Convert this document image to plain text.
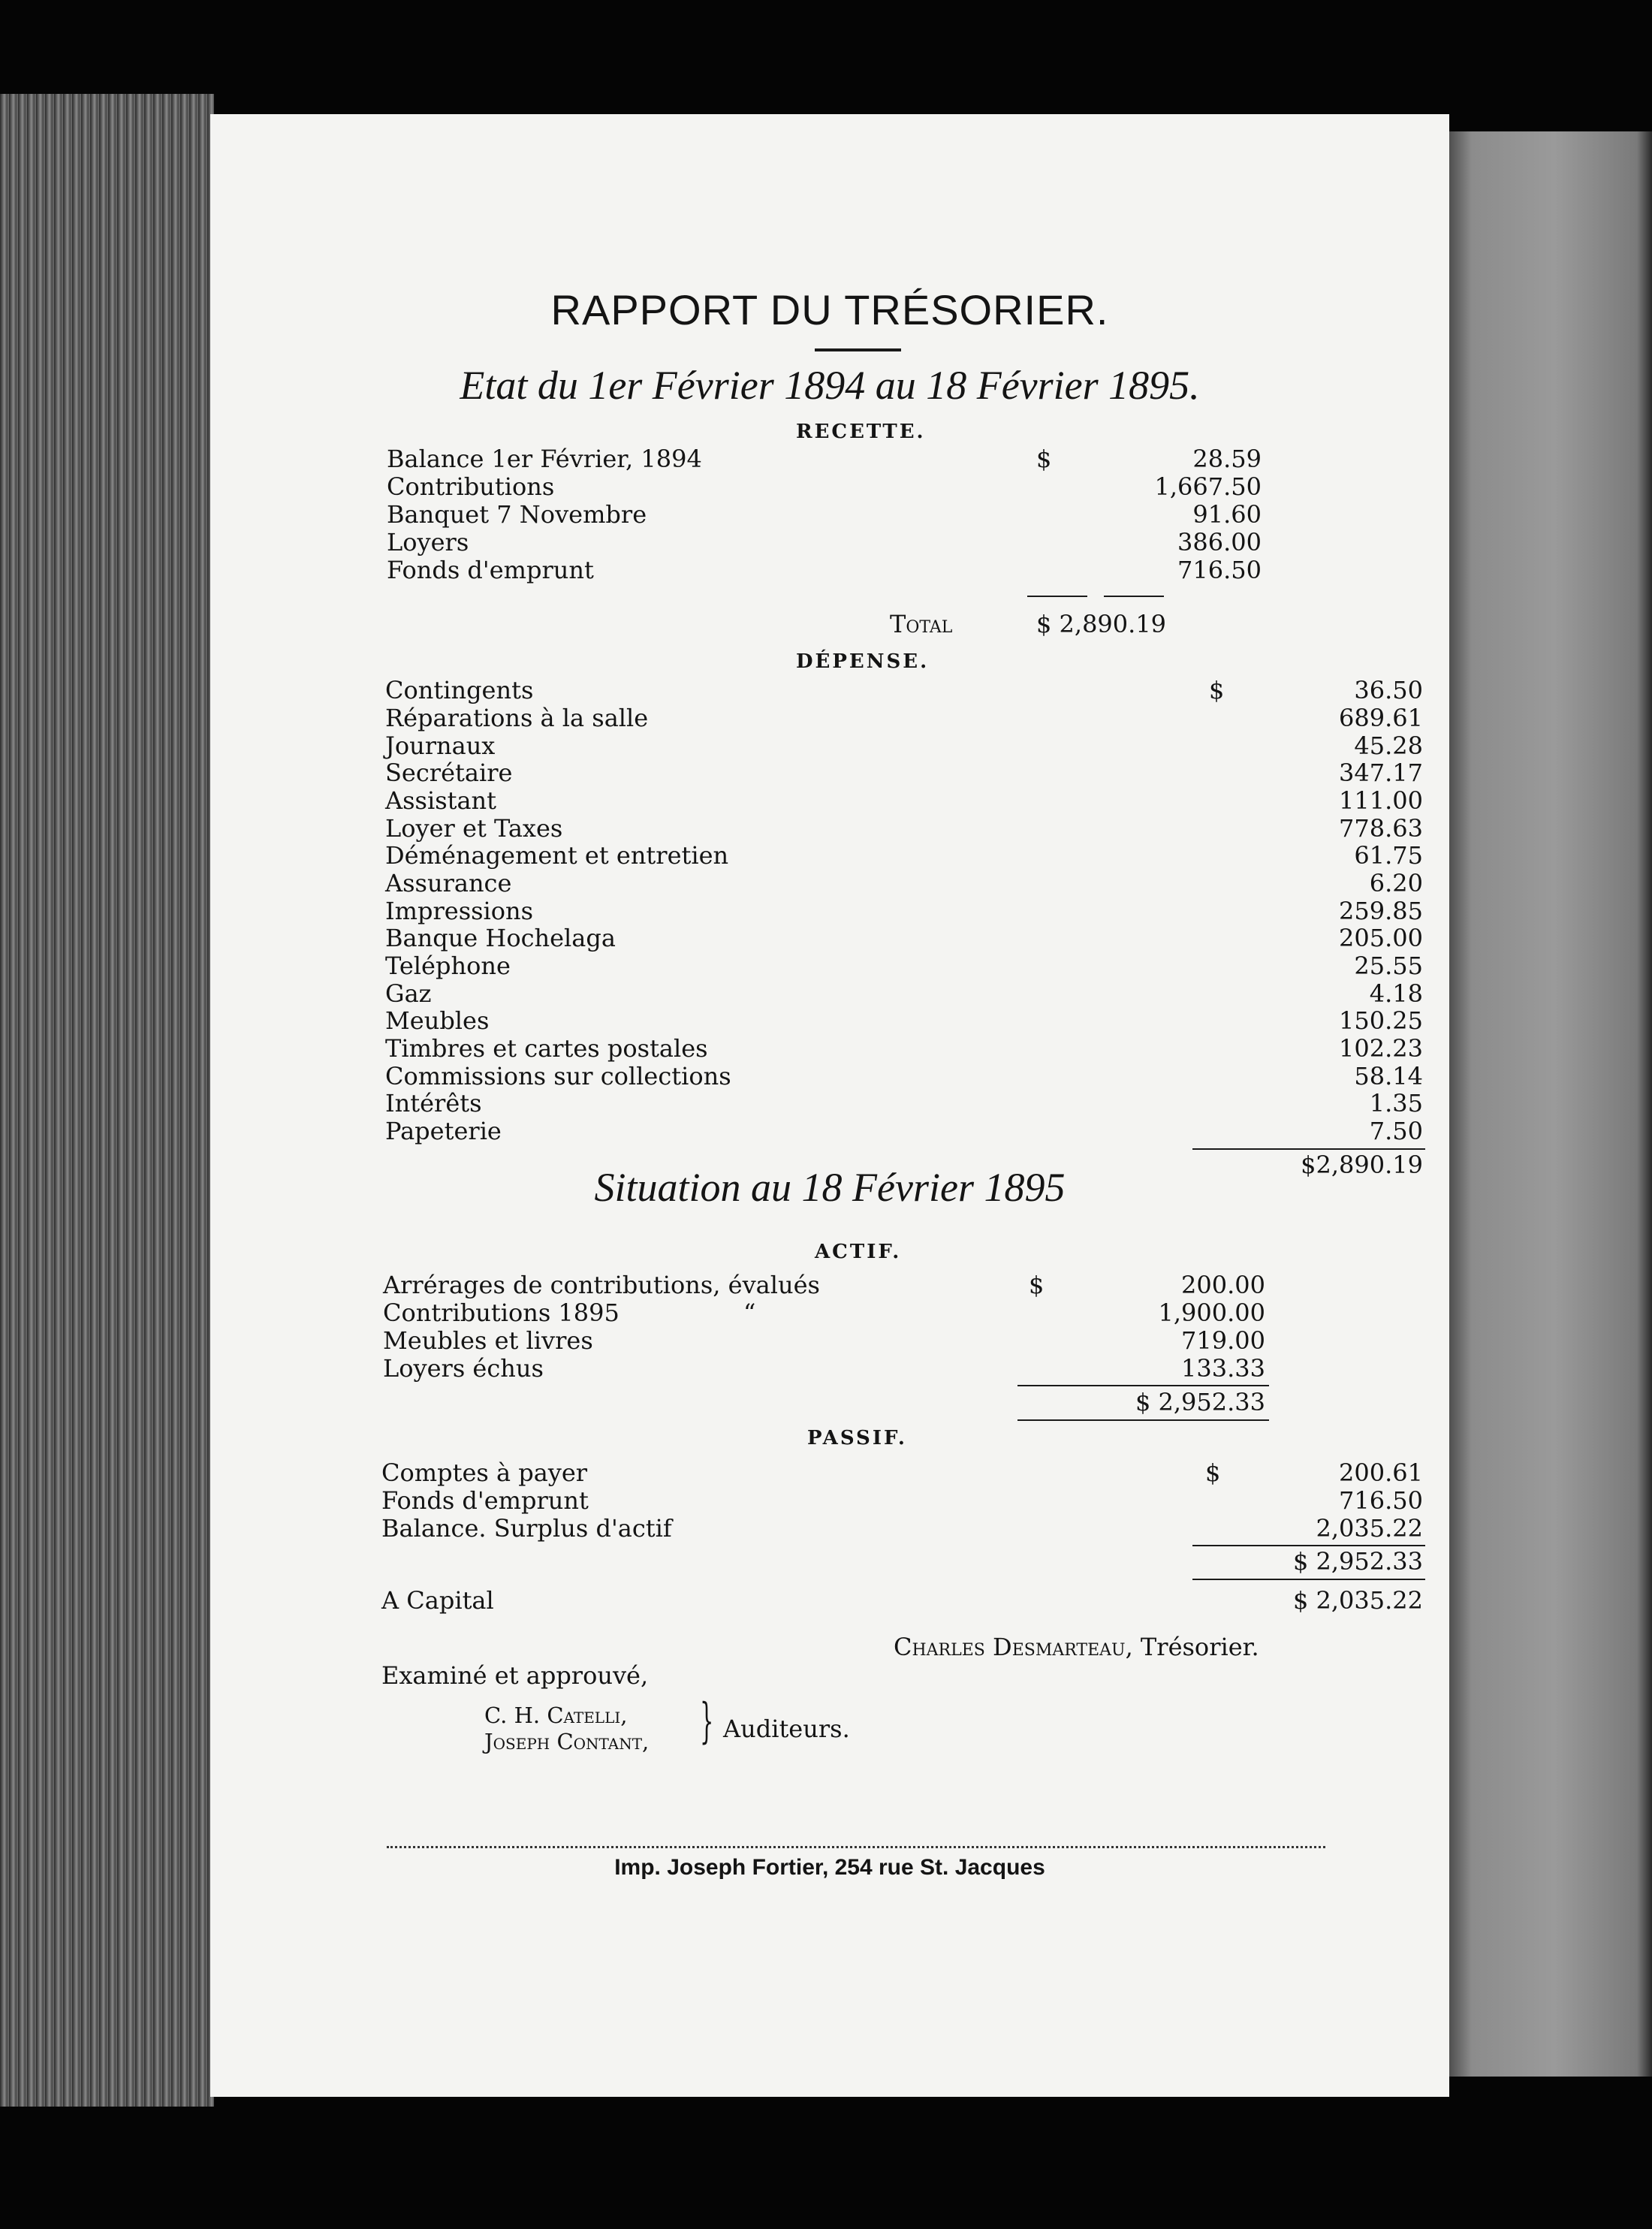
RAPPORT DU TRÉSORIER.
Etat du 1er Février 1894 au 18 Février 1895.
RECETTE.
Balance 1er Février, 1894	$	28.59
Contributions	1,667.50
Banquet 7 Novembre	91.60
Loyers	386.00
Fonds d'emprunt	716.50
Total	$ 2,890.19
DÉPENSE.
$
Contingents	36.50
Réparations à la salle	689.61
Journaux	45.28
Secrétaire	347.17
Assistant	111.00
Loyer et Taxes	778.63
Déménagement et entretien	61.75
Assurance	6.20
Impressions	259.85
Banque Hochelaga	205.00
Teléphone	25.55
Gaz	4.18
Meubles	150.25
Timbres et cartes postales	102.23
Commissions sur collections	58.14
Intérêts	1.35
Papeterie	7.50
$2,890.19
Situation au 18 Février 1895
ACTIF.
$
Arrérages de contributions, évalués	200.00
Contributions 1895	“	1,900.00
Meubles et livres	719.00
Loyers échus	133.33
$ 2,952.33
PASSIF.
$
Comptes à payer	200.61
Fonds d'emprunt	716.50
Balance. Surplus d'actif	2,035.22
$ 2,952.33
A Capital	$ 2,035.22
Charles Desmarteau, Trésorier.
Examiné et approuvé,
C. H. Catelli,
Joseph Contant, } Auditeurs.
Imp. Joseph Fortier, 254 rue St. Jacques
